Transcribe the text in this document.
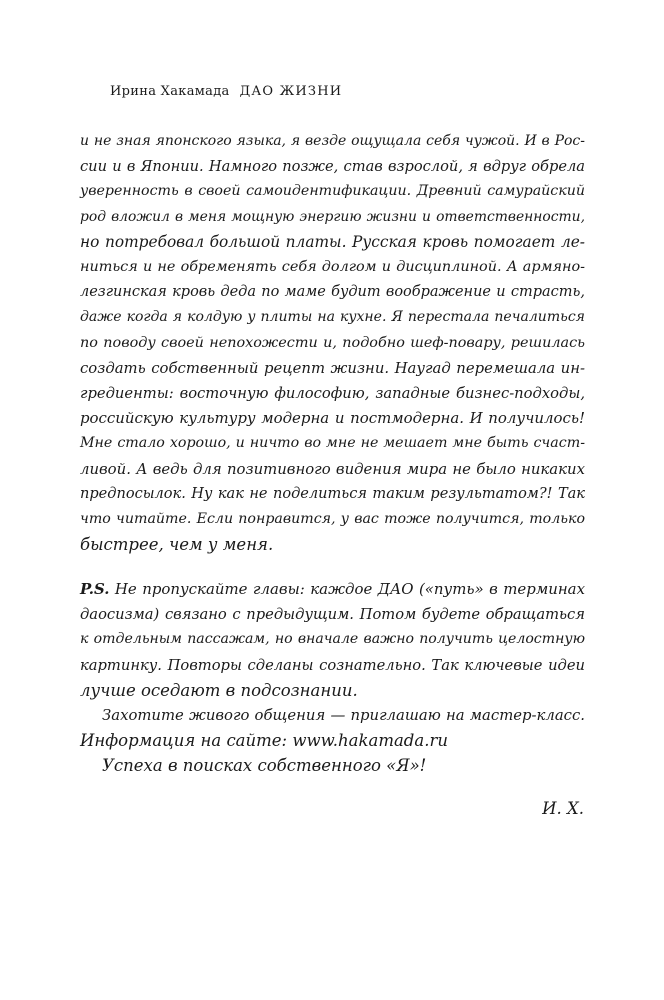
Ирина Хакамада ДАО ЖИЗНИ
и не зная японского языка, я везде ощущала себя чужой. И в Рос-
сии и в Японии. Намного позже, став взрослой, я вдруг обрела
уверенность в своей самоидентификации. Древний самурайский
род вложил в меня мощную энергию жизни и ответственности,
но потребовал большой платы. Русская кровь помогает ле-
ниться и не обременять себя долгом и дисциплиной. А армяно-
лезгинская кровь деда по маме будит воображение и страсть,
даже когда я колдую у плиты на кухне. Я перестала печалиться
по поводу своей непохожести и, подобно шеф-повару, решилась
создать собственный рецепт жизни. Наугад перемешала ин-
гредиенты: восточную философию, западные бизнес-подходы,
российскую культуру модерна и постмодерна. И получилось!
Мне стало хорошо, и ничто во мне не мешает мне быть счаст-
ливой. А ведь для позитивного видения мира не было никаких
предпосылок. Ну как не поделиться таким результатом?! Так
что читайте. Если понравится, у вас тоже получится, только
быстрее, чем у меня.
P.S. Не пропускайте главы: каждое ДАО («путь» в терминах
даосизма) связано с предыдущим. Потом будете обращаться
к отдельным пассажам, но вначале важно получить целостную
картинку. Повторы сделаны сознательно. Так ключевые идеи
лучше оседают в подсознании.
Захотите живого общения — приглашаю на мастер-класс.
Информация на сайте: www.hakamada.ru
Успеха в поисках собственного «Я»!
И. Х.
